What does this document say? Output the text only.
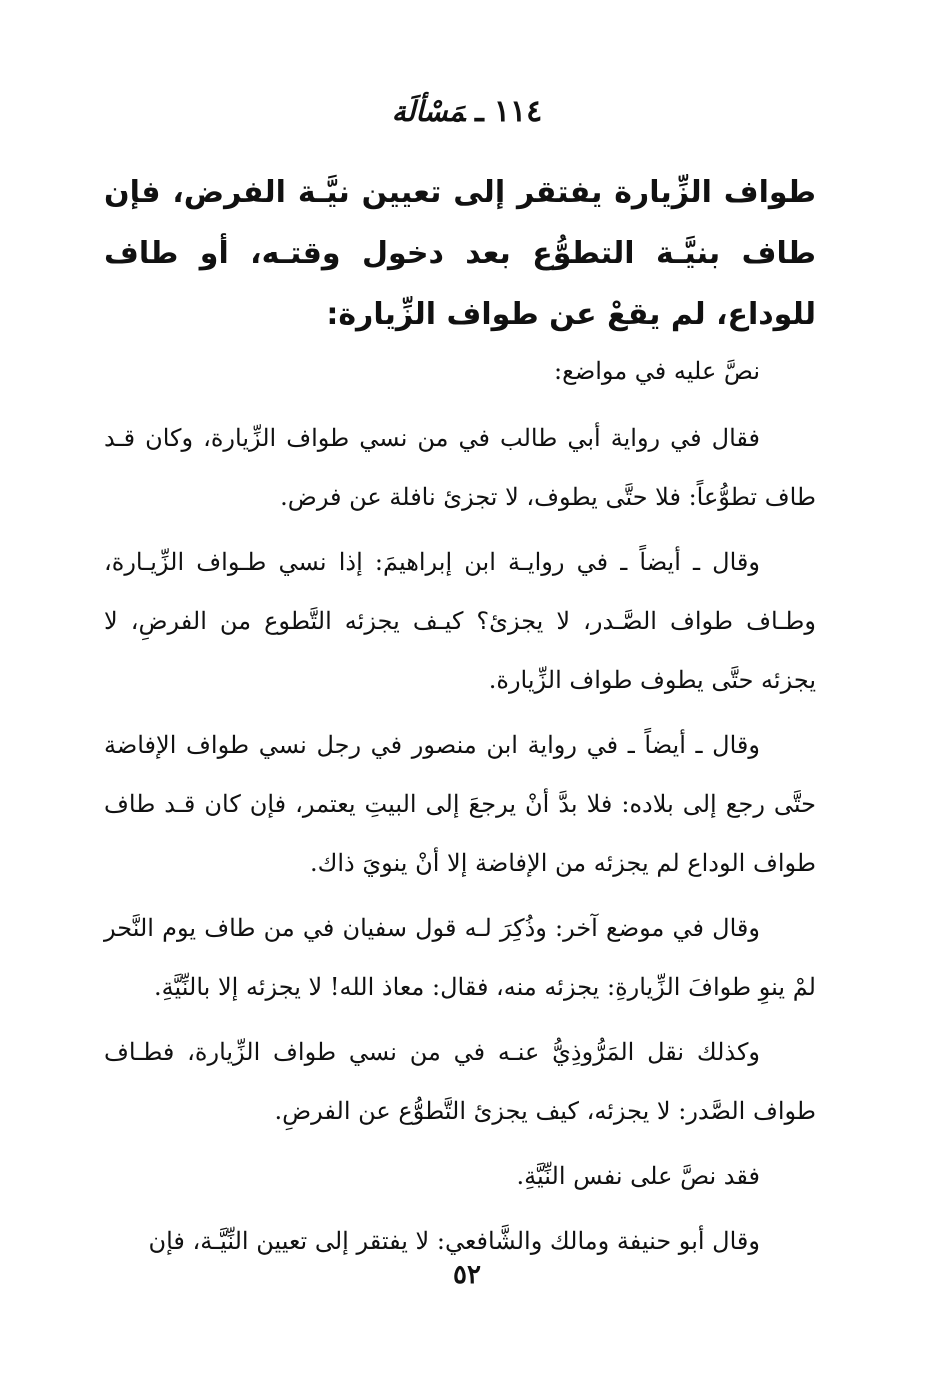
١١٤ـمَسْألَة
طواف الزِّيارة يفتقر إلى تعيين نيَّـة الفرض، فإن طاف بنيَّـة التطوُّع بعد دخول وقتـه، أو طاف للوداع، لم يقعْ عن طواف الزِّيارة:

نصَّ عليه في مواضع:

فقال في رواية أبي طالب في من نسي طواف الزِّيارة، وكان قـد طاف تطوُّعاً: فلا حتَّى يطوف، لا تجزئ نافلة عن فرض.

وقال ـ أيضاً ـ في روايـة ابن إبراهيمَ: إذا نسي طـواف الزِّيـارة، وطـاف طواف الصَّـدر، لا يجزئ؟ كيـف يجزئه التَّطوع من الفرضِ، لا يجزئه حتَّى يطوف طواف الزِّيارة.

وقال ـ أيضاً ـ في رواية ابن منصور في رجل نسي طواف الإفاضة حتَّى رجع إلى بلاده: فلا بدَّ أنْ يرجعَ إلى البيتِ يعتمر، فإن كان قـد طاف طواف الوداع لم يجزئه من الإفاضة إلا أنْ ينويَ ذاك.

وقال في موضع آخر: وذُكِرَ لـه قول سفيان في من طاف يوم النَّحر لمْ ينوِ طوافَ الزِّيارةِ: يجزئه منه، فقال: معاذ الله! لا يجزئه إلا بالنِّيَّةِ.

وكذلك نقل المَرُّوذِيُّ عنـه في من نسي طواف الزِّيارة، فطـاف طواف الصَّدر: لا يجزئه، كيف يجزئ التَّطوُّع عن الفرضِ.

فقد نصَّ على نفس النِّيَّةِ.

وقال أبو حنيفة ومالك والشَّافعي: لا يفتقر إلى تعيين النِّيَّـة، فإن

٥٢
